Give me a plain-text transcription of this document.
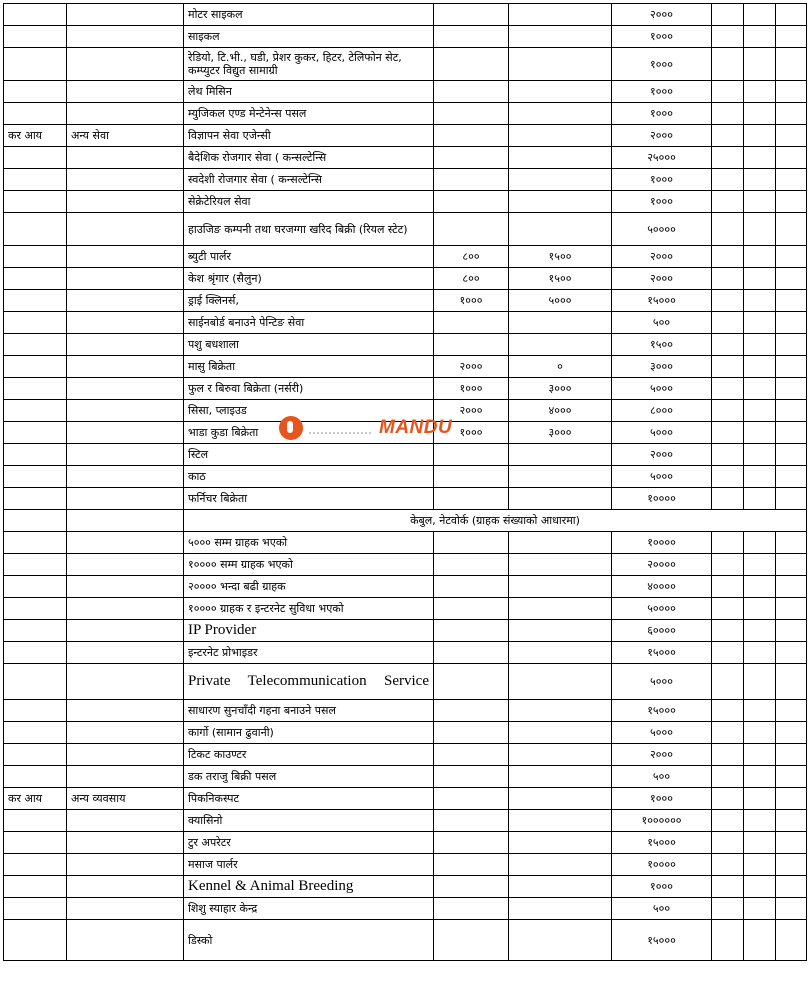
		मोटर साइकल			२०००			
		साइकल			१०००			
		रेडियो, टि.भी., घडी, प्रेशर कुकर, हिटर, टेलिफोन सेट, कम्प्युटर विद्युत सामाग्री			१०००			
		लेथ मिसिन			१०००			
		म्युजिकल एण्ड मेन्टेनेन्स पसल			१०००			
कर आय	अन्य सेवा	विज्ञापन सेवा एजेन्सी			२०००			
		बैदेशिक रोजगार सेवा ( कन्सल्टेन्सि			२५०००			
		स्वदेशी रोजगार सेवा ( कन्सल्टेन्सि			१०००			
		सेक्रेटेरियल सेवा			१०००			
		हाउजिङ कम्पनी तथा घरजग्गा खरिद बिक्री (रियल स्टेट)			५००००			
		ब्युटी पार्लर	८००	१५००	२०००			
		केश श्रृंगार (सैलुन)	८००	१५००	२०००			
		ड्राई क्लिनर्स,	१०००	५०००	१५०००			
		साईनबोर्ड बनाउने पेन्टिङ सेवा			५००			
		पशु बधशाला			१५००			
		मासु बिक्रेता	२०००	०	३०००			
		फुल र बिरुवा बिक्रेता (नर्सरी)	१०००	३०००	५०००			
		सिसा, प्लाइउड	२०००	४०००	८०००			
		भाडा कुडा बिक्रेता	१०००	३०००	५०००			
		स्टिल			२०००			
		काठ			५०००			
		फर्निचर बिक्रेता			१००००			
		केबुल, नेटवोर्क (ग्राहक संख्याको आधारमा)						
		५००० सम्म ग्राहक भएको			१००००			
		१०००० सम्म ग्राहक भएको			२००००			
		२०००० भन्दा बढी ग्राहक			४००००			
		१०००० ग्राहक र इन्टरनेट सुविधा भएको			५००००			
		IP Provider			६००००			
		इन्टरनेट प्रोभाइडर			१५०००			
		Private Telecommunication Service			५०००			
		साधारण सुनचाँदी गहना बनाउने पसल			१५०००			
		कार्गो (सामान ढुवानी)			५०००			
		टिकट काउण्टर			२०००			
		डक तराजु बिक्री पसल			५००			
कर आय	अन्य व्यवसाय	पिकनिकस्पट			१०००			
		क्यासिनो			१००००००			
		टुर अपरेटर			१५०००			
		मसाज पार्लर			१००००			
		Kennel & Animal Breeding			१०००			
		शिशु स्याहार केन्द्र			५००			
		डिस्को			१५०००			
MANDU
